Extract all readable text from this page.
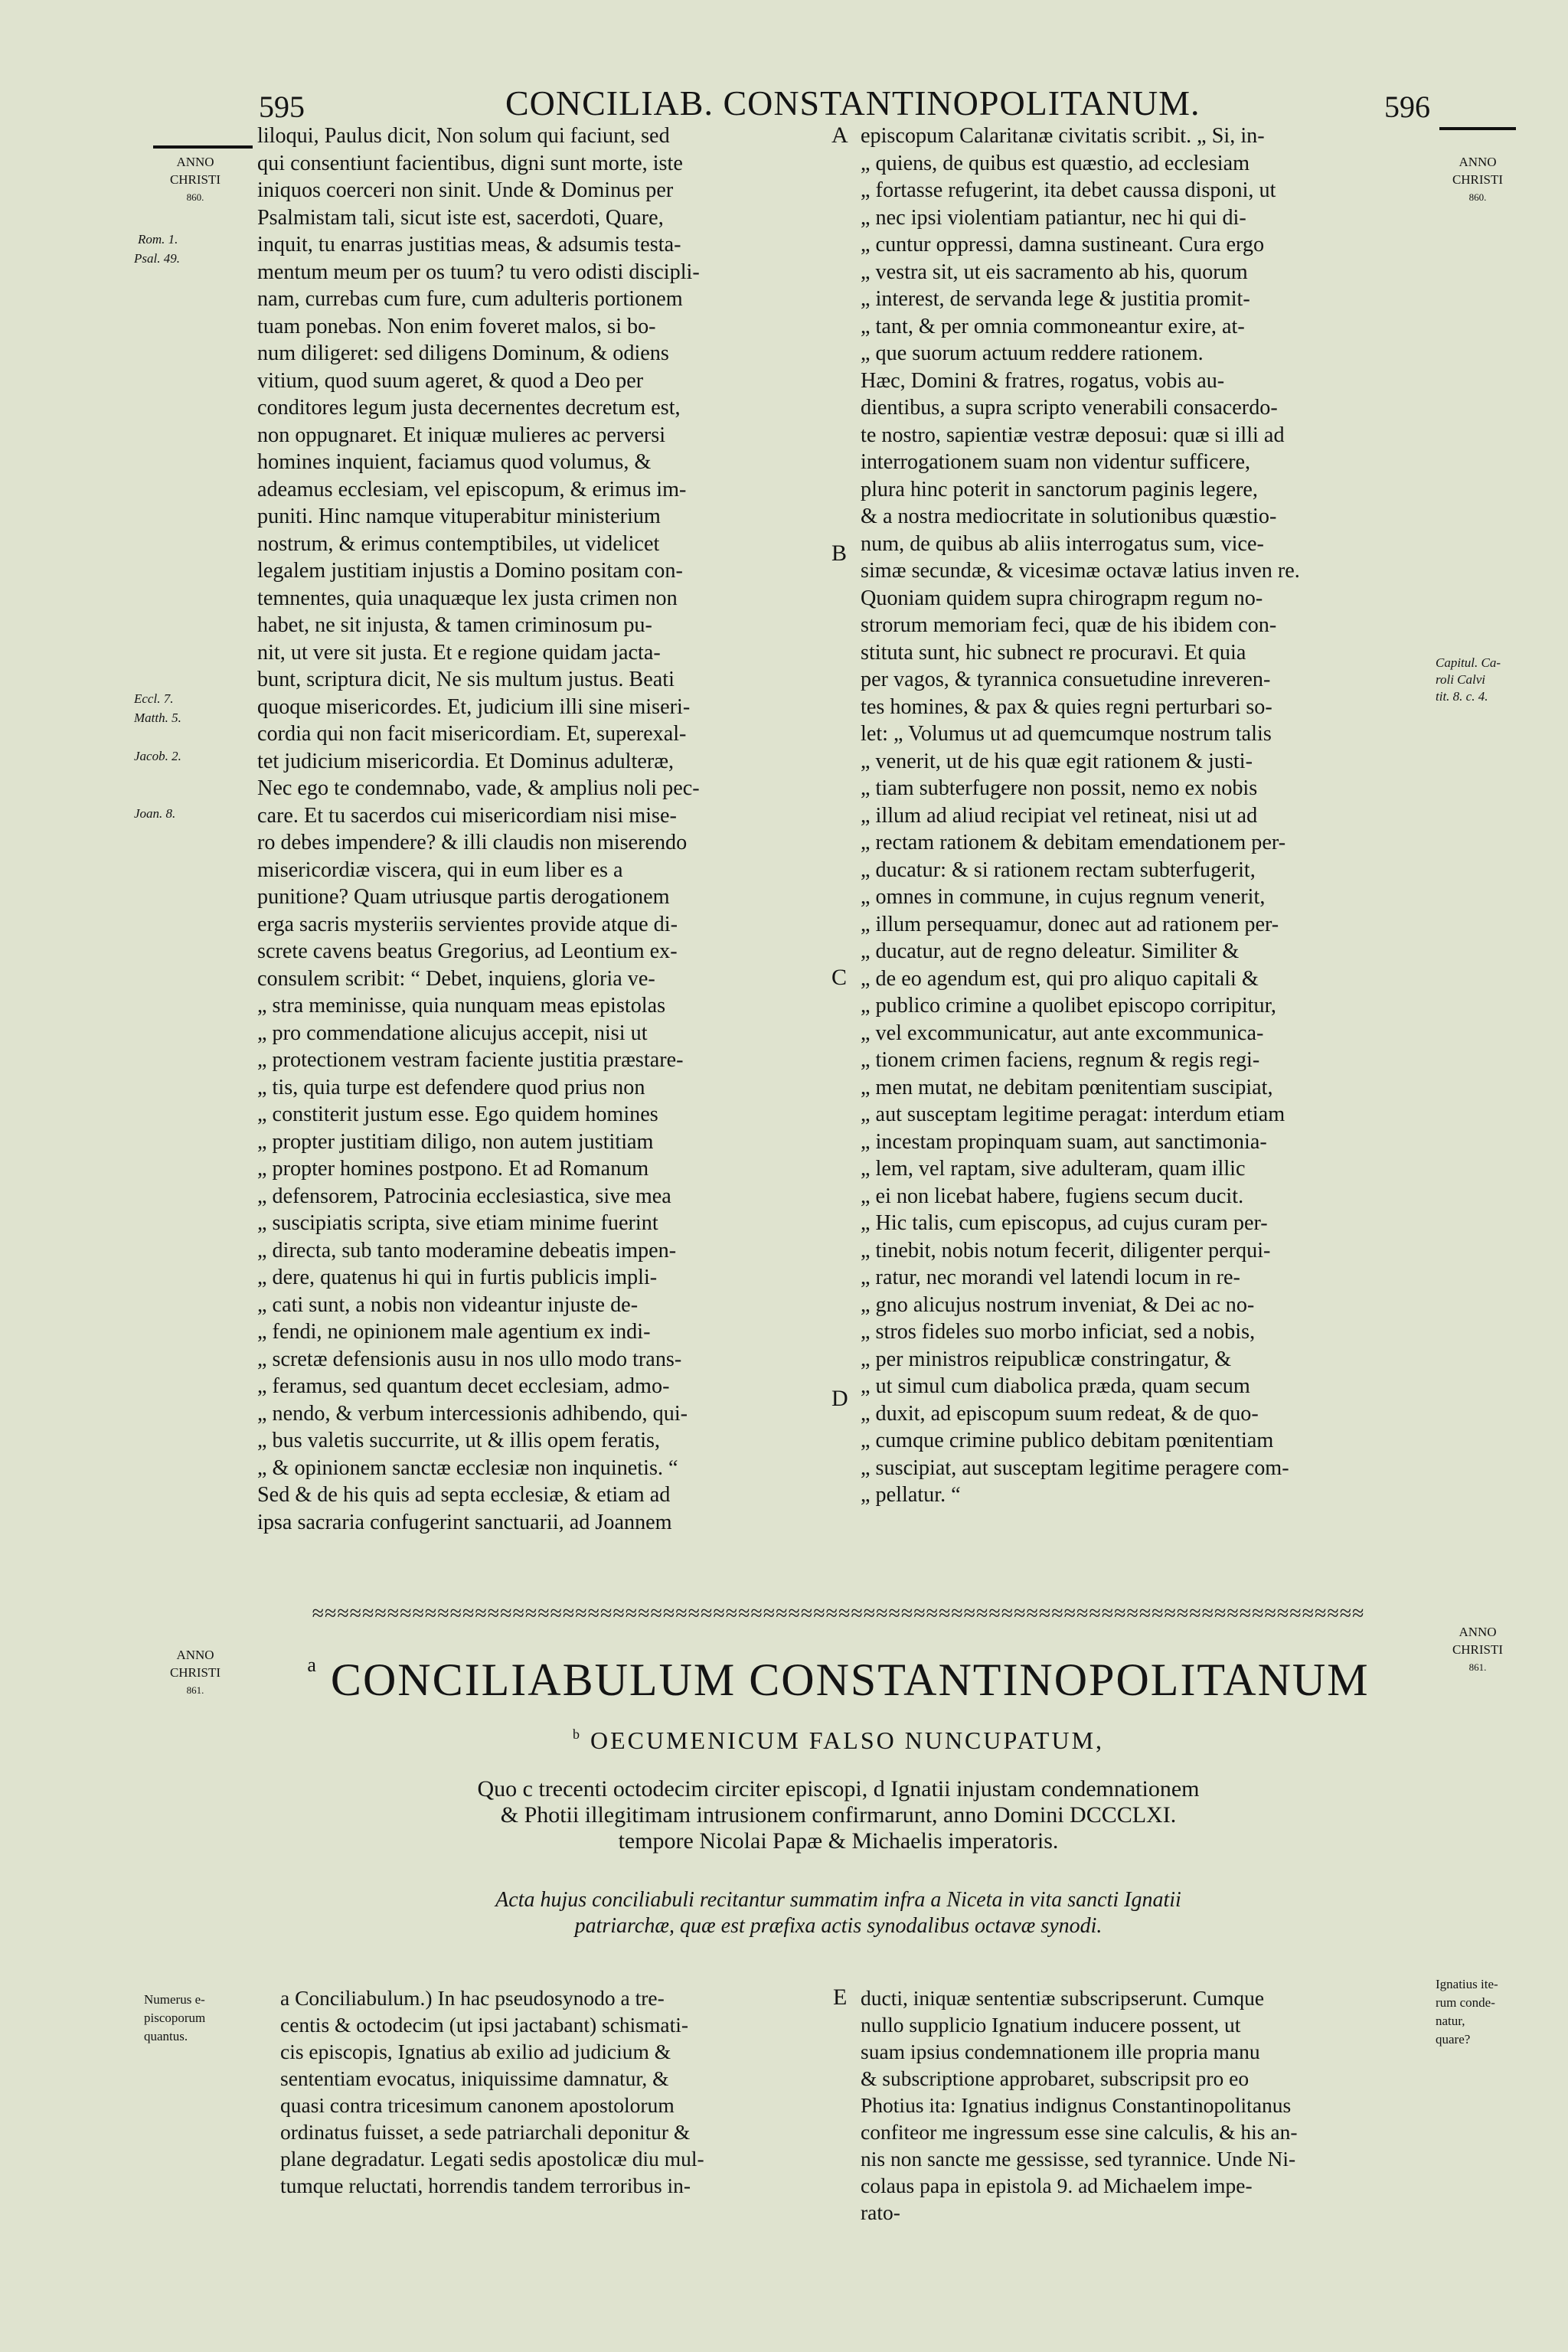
595	CONCILIAB. CONSTANTINOPOLITANUM.	596
ANNO
CHRISTI
860.
ANNO
CHRISTI
860.
Rom. 1.
Psal. 49.
Eccl. 7.
Matth. 5.
Jacob. 2.
Joan. 8.
Capitul. Ca-
roli Calvi
tit. 8. c. 4.
A
B
C
D
E
liloqui, Paulus dicit, Non solum qui faciunt, sed
qui consentiunt facientibus, digni sunt morte, iste
iniquos coerceri non sinit. Unde & Dominus per
Psalmistam tali, sicut iste est, sacerdoti, Quare,
inquit, tu enarras justitias meas, & adsumis testa-
mentum meum per os tuum? tu vero odisti discipli-
nam, currebas cum fure, cum adulteris portionem
tuam ponebas. Non enim foveret malos, si bo-
num diligeret: sed diligens Dominum, & odiens
vitium, quod suum ageret, & quod a Deo per
conditores legum justa decernentes decretum est,
non oppugnaret. Et iniquæ mulieres ac perversi
homines inquient, faciamus quod volumus, &
adeamus ecclesiam, vel episcopum, & erimus im-
puniti. Hinc namque vituperabitur ministerium
nostrum, & erimus contemptibiles, ut videlicet
legalem justitiam injustis a Domino positam con-
temnentes, quia unaquæque lex justa crimen non
habet, ne sit injusta, & tamen criminosum pu-
nit, ut vere sit justa. Et e regione quidam jacta-
bunt, scriptura dicit, Ne sis multum justus. Beati
quoque misericordes. Et, judicium illi sine miseri-
cordia qui non facit misericordiam. Et, superexal-
tet judicium misericordia. Et Dominus adulteræ,
Nec ego te condemnabo, vade, & amplius noli pec-
care. Et tu sacerdos cui misericordiam nisi mise-
ro debes impendere? & illi claudis non miserendo
misericordiæ viscera, qui in eum liber es a
punitione? Quam utriusque partis derogationem
erga sacris mysteriis servientes provide atque di-
screte cavens beatus Gregorius, ad Leontium ex-
consulem scribit: “ Debet, inquiens, gloria ve-
„ stra meminisse, quia nunquam meas epistolas
„ pro commendatione alicujus accepit, nisi ut
„ protectionem vestram faciente justitia præstare-
„ tis, quia turpe est defendere quod prius non
„ constiterit justum esse. Ego quidem homines
„ propter justitiam diligo, non autem justitiam
„ propter homines postpono. Et ad Romanum
„ defensorem, Patrocinia ecclesiastica, sive mea
„ suscipiatis scripta, sive etiam minime fuerint
„ directa, sub tanto moderamine debeatis impen-
„ dere, quatenus hi qui in furtis publicis impli-
„ cati sunt, a nobis non videantur injuste de-
„ fendi, ne opinionem male agentium ex indi-
„ scretæ defensionis ausu in nos ullo modo trans-
„ feramus, sed quantum decet ecclesiam, admo-
„ nendo, & verbum intercessionis adhibendo, qui-
„ bus valetis succurrite, ut & illis opem feratis,
„ & opinionem sanctæ ecclesiæ non inquinetis. “
Sed & de his quis ad septa ecclesiæ, & etiam ad
ipsa sacraria confugerint sanctuarii, ad Joannem
episcopum Calaritanæ civitatis scribit. „ Si, in-
„ quiens, de quibus est quæstio, ad ecclesiam
„ fortasse refugerint, ita debet caussa disponi, ut
„ nec ipsi violentiam patiantur, nec hi qui di-
„ cuntur oppressi, damna sustineant. Cura ergo
„ vestra sit, ut eis sacramento ab his, quorum
„ interest, de servanda lege & justitia promit-
„ tant, & per omnia commoneantur exire, at-
„ que suorum actuum reddere rationem.
Hæc, Domini & fratres, rogatus, vobis au-
dientibus, a supra scripto venerabili consacerdo-
te nostro, sapientiæ vestræ deposui: quæ si illi ad
interrogationem suam non videntur sufficere,
plura hinc poterit in sanctorum paginis legere,
& a nostra mediocritate in solutionibus quæstio-
num, de quibus ab aliis interrogatus sum, vice-
simæ secundæ, & vicesimæ octavæ latius inven re.
Quoniam quidem supra chirograpm regum no-
strorum memoriam feci, quæ de his ibidem con-
stituta sunt, hic subnect re procuravi. Et quia
per vagos, & tyrannica consuetudine inreveren-
tes homines, & pax & quies regni perturbari so-
let: „ Volumus ut ad quemcumque nostrum talis
„ venerit, ut de his quæ egit rationem & justi-
„ tiam subterfugere non possit, nemo ex nobis
„ illum ad aliud recipiat vel retineat, nisi ut ad
„ rectam rationem & debitam emendationem per-
„ ducatur: & si rationem rectam subterfugerit,
„ omnes in commune, in cujus regnum venerit,
„ illum persequamur, donec aut ad rationem per-
„ ducatur, aut de regno deleatur. Similiter &
„ de eo agendum est, qui pro aliquo capitali &
„ publico crimine a quolibet episcopo corripitur,
„ vel excommunicatur, aut ante excommunica-
„ tionem crimen faciens, regnum & regis regi-
„ men mutat, ne debitam pœnitentiam suscipiat,
„ aut susceptam legitime peragat: interdum etiam
„ incestam propinquam suam, aut sanctimonia-
„ lem, vel raptam, sive adulteram, quam illic
„ ei non licebat habere, fugiens secum ducit.
„ Hic talis, cum episcopus, ad cujus curam per-
„ tinebit, nobis notum fecerit, diligenter perqui-
„ ratur, nec morandi vel latendi locum in re-
„ gno alicujus nostrum inveniat, & Dei ac no-
„ stros fideles suo morbo inficiat, sed a nobis,
„ per ministros reipublicæ constringatur, &
„ ut simul cum diabolica præda, quam secum
„ duxit, ad episcopum suum redeat, & de quo-
„ cumque crimine publico debitam pœnitentiam
„ suscipiat, aut susceptam legitime peragere com-
„ pellatur. “
≈≈≈≈≈≈≈≈≈≈≈≈≈≈≈≈≈≈≈≈≈≈≈≈≈≈≈≈≈≈≈≈≈≈≈≈≈≈≈≈≈≈≈≈≈≈≈≈≈≈≈≈≈≈≈≈≈≈≈≈≈≈≈≈≈≈≈≈≈≈≈≈≈≈≈≈≈≈≈≈≈≈≈≈
ANNO
CHRISTI
861.
ANNO
CHRISTI
861.
$^a$ CONCILIABULUM CONSTANTINOPOLITANUM
$^b$ OECUMENICUM FALSO NUNCUPATUM,
Quo c trecenti octodecim circiter episcopi, d Ignatii injustam condemnationem
& Photii illegitimam intrusionem confirmarunt, anno Domini DCCCLXI.
tempore Nicolai Papæ & Michaelis imperatoris.
Acta hujus conciliabuli recitantur summatim infra a Niceta in vita sancti Ignatii
patriarchæ, quæ est præfixa actis synodalibus octavæ synodi.
Numerus e-
piscoporum
quantus.
Ignatius ite-
rum conde-
natur,
quare?
a Conciliabulum.) In hac pseudosynodo a tre-
centis & octodecim (ut ipsi jactabant) schismati-
cis episcopis, Ignatius ab exilio ad judicium &
sententiam evocatus, iniquissime damnatur, &
quasi contra tricesimum canonem apostolorum
ordinatus fuisset, a sede patriarchali deponitur &
plane degradatur. Legati sedis apostolicæ diu mul-
tumque reluctati, horrendis tandem terroribus in-
ducti, iniquæ sententiæ subscripserunt. Cumque
nullo supplicio Ignatium inducere possent, ut
suam ipsius condemnationem ille propria manu
& subscriptione approbaret, subscripsit pro eo
Photius ita: Ignatius indignus Constantinopolitanus
confiteor me ingressum esse sine calculis, & his an-
nis non sancte me gessisse, sed tyrannice. Unde Ni-
colaus papa in epistola 9. ad Michaelem impe-
rato-
